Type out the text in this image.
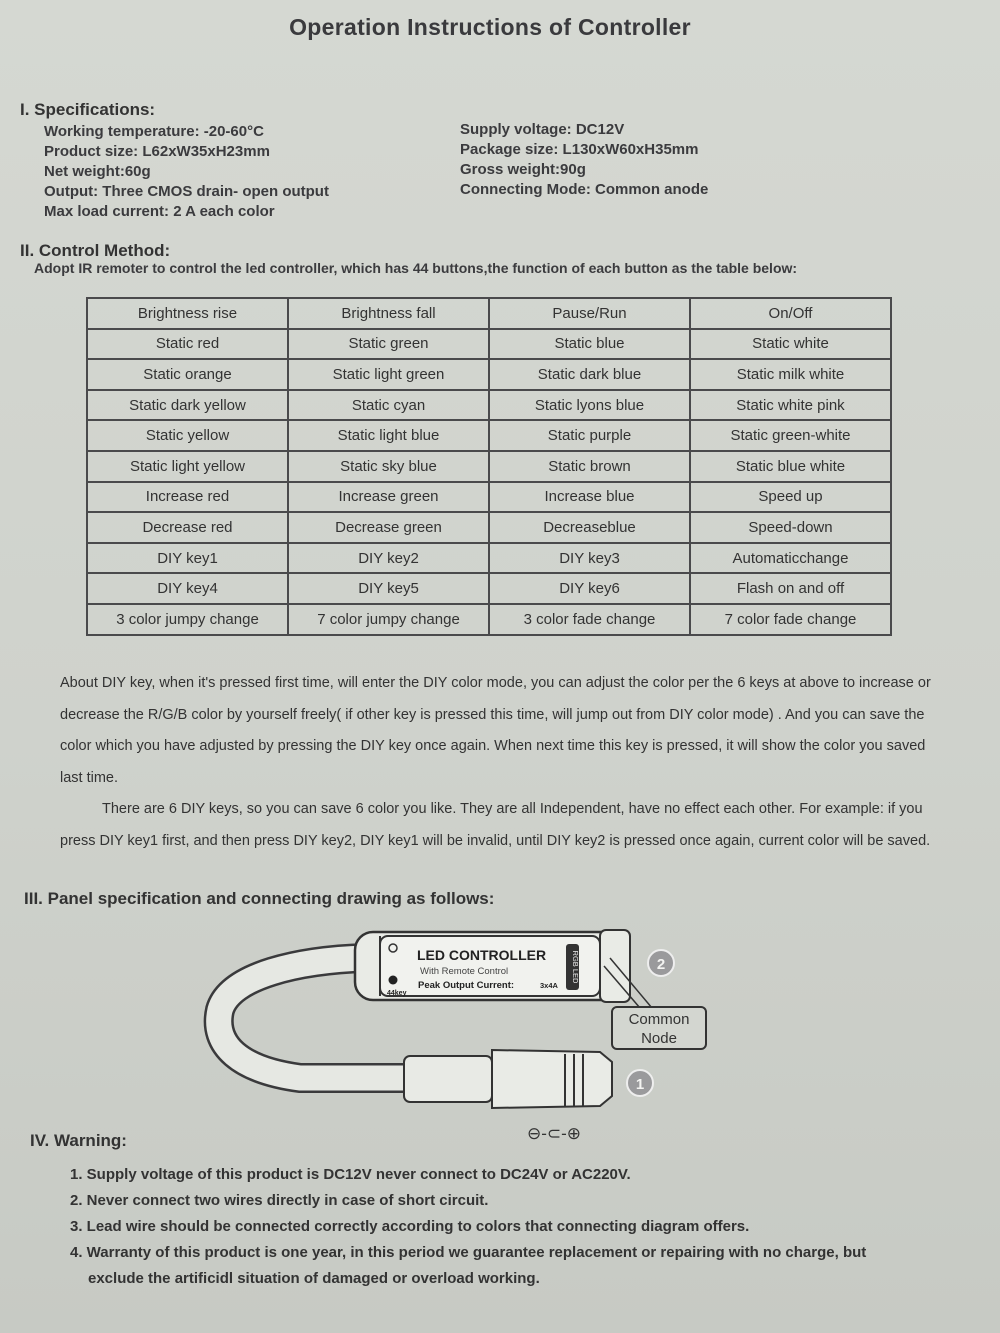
Operation Instructions of Controller
I. Specifications:
Working temperature: -20-60°C
Product size: L62xW35xH23mm
Net weight:60g
Output: Three CMOS drain- open output
Max load current: 2 A each color
Supply voltage: DC12V
Package size: L130xW60xH35mm
Gross weight:90g
Connecting Mode: Common anode
II. Control Method:
Adopt IR remoter to control the led controller, which has 44 buttons,the function of each button as the table below:
Brightness rise	Brightness fall	Pause/Run	On/Off
Static red	Static green	Static blue	Static white
Static orange	Static light green	Static dark blue	Static milk white
Static dark yellow	Static cyan	Static lyons blue	Static white pink
Static yellow	Static light blue	Static purple	Static green-white
Static light yellow	Static sky blue	Static brown	Static blue white
Increase red	Increase green	Increase blue	Speed up
Decrease red	Decrease green	Decreaseblue	Speed-down
DIY key1	DIY key2	DIY key3	Automaticchange
DIY key4	DIY key5	DIY key6	Flash on and off
3 color jumpy change	7 color jumpy change	3 color fade change	7 color fade change

About DIY key, when it's pressed first time, will enter the DIY color mode, you can adjust the color per the 6 keys at above to increase or decrease the R/G/B color by yourself freely( if other key is pressed this time, will jump out from DIY color mode) . And you can save the color which you have adjusted by pressing the DIY key once again. When next time this key is pressed, it will show the color you saved last time.

There are 6 DIY keys, so you can save 6 color you like. They are all Independent, have no effect each other. For example: if you press DIY key1 first, and then press DIY key2, DIY key1 will be invalid, until DIY key2 is pressed once again, current color will be saved.

III. Panel specification and connecting drawing as follows:
LED CONTROLLER
With Remote Control
Peak Output Current:	3x4A
44key
RGB LED	2
1
Common
Node
⊖-⊂-⊕
IV. Warning:
1. Supply voltage of this product is DC12V never connect to DC24V or AC220V.
2. Never connect two wires directly in case of short circuit.
3. Lead wire should be connected correctly according to colors that connecting diagram offers.
4. Warranty of this product is one year, in this period we guarantee replacement or repairing with no charge, but
exclude the artificidl situation of damaged or overload working.
